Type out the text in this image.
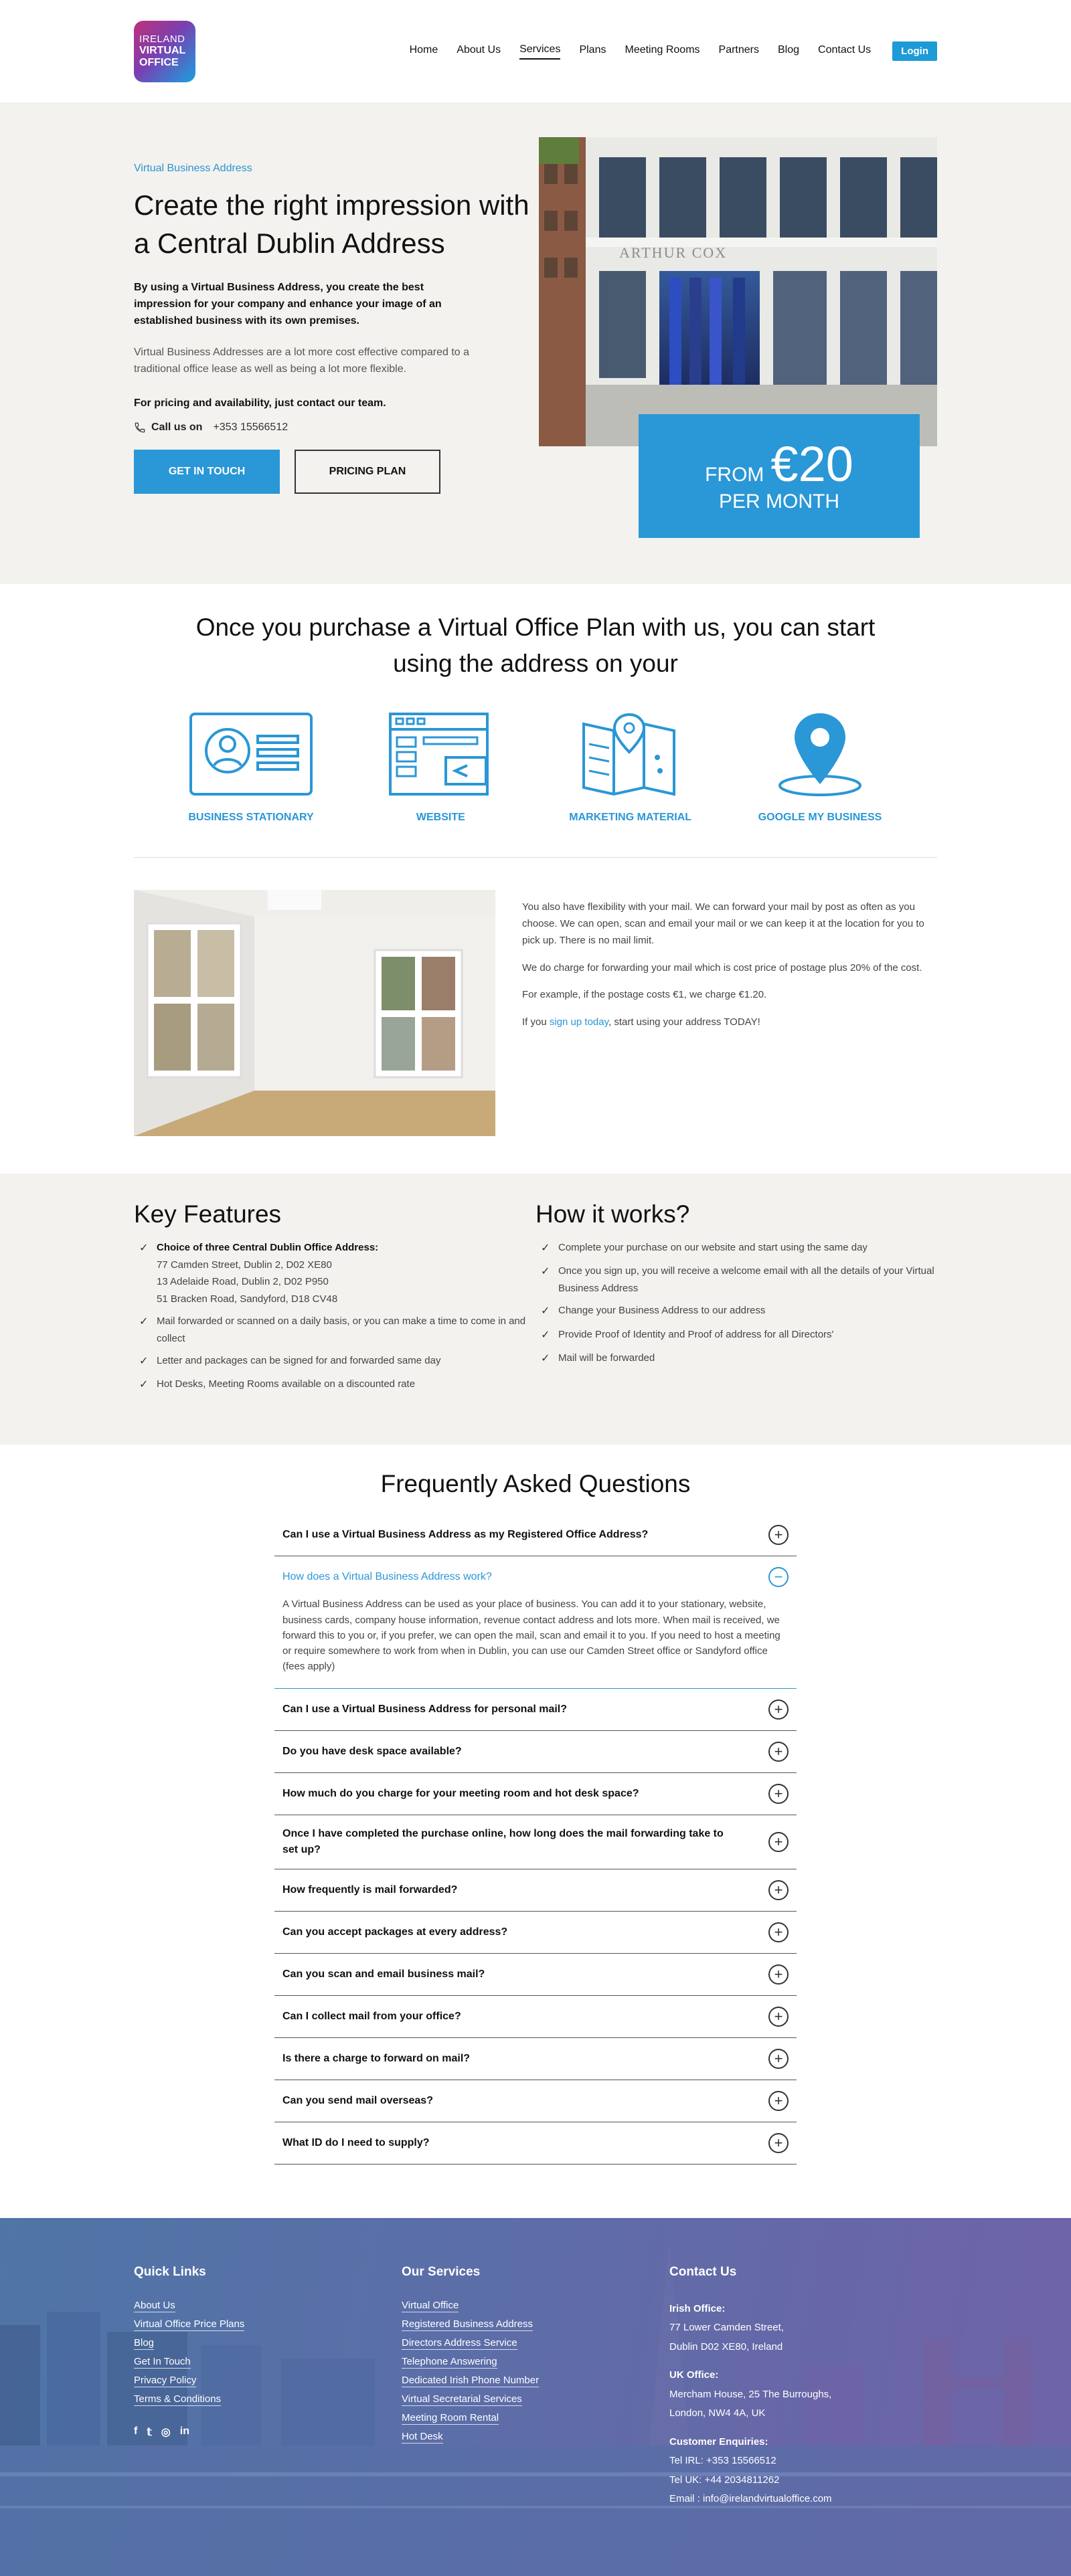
IRELAND
VIRTUAL
OFFICE
Home About Us Services Plans Meeting Rooms Partners Blog Contact Us	Login
Virtual Business Address
Create the right impression with a Central Dublin Address

By using a Virtual Business Address, you create the best impression for your company and enhance your image of an established business with its own premises.

Virtual Business Addresses are a lot more cost effective compared to a traditional office lease as well as being a lot more flexible.

For pricing and availability, just contact our team.

Call us on +353 15566512
GET IN TOUCH	PRICING PLAN
ARTHUR COX
FROM €20
PER MONTH
Once you purchase a Virtual Office Plan with us, you can start using the address on your
BUSINESS STATIONARY	WEBSITE	MARKETING MATERIAL	GOOGLE MY BUSINESS

You also have flexibility with your mail. We can forward your mail by post as often as you choose. We can open, scan and email your mail or we can keep it at the location for you to pick up. There is no mail limit.

We do charge for forwarding your mail which is cost price of postage plus 20% of the cost.

For example, if the postage costs €1, we charge €1.20.

If you sign up today, start using your address TODAY!

Key Features
✓ Choice of three Central Dublin Office Address:
77 Camden Street, Dublin 2, D02 XE80
13 Adelaide Road, Dublin 2, D02 P950
51 Bracken Road, Sandyford, D18 CV48
✓ Mail forwarded or scanned on a daily basis, or you can make a time to come in and collect
✓ Letter and packages can be signed for and forwarded same day
✓ Hot Desks, Meeting Rooms available on a discounted rate
How it works?
✓ Complete your purchase on our website and start using the same day
✓ Once you sign up, you will receive a welcome email with all the details of your Virtual Business Address
✓ Change your Business Address to our address
✓ Provide Proof of Identity and Proof of address for all Directors'
✓ Mail will be forwarded
Frequently Asked Questions
Can I use a Virtual Business Address as my Registered Office Address?	+
How does a Virtual Business Address work?	−

A Virtual Business Address can be used as your place of business. You can add it to your stationary, website, business cards, company house information, revenue contact address and lots more. When mail is received, we forward this to you or, if you prefer, we can open the mail, scan and email it to you. If you need to host a meeting or require somewhere to work from when in Dublin, you can use our Camden Street office or Sandyford office (fees apply)

Can I use a Virtual Business Address for personal mail?	+
Do you have desk space available?	+
How much do you charge for your meeting room and hot desk space?	+
Once I have completed the purchase online, how long does the mail forwarding take to set up?	+
How frequently is mail forwarded?	+
Can you accept packages at every address?	+
Can you scan and email business mail?	+
Can I collect mail from your office?	+
Is there a charge to forward on mail?	+
Can you send mail overseas?	+
What ID do I need to supply?	+
Quick Links
About Us
Virtual Office Price Plans
Blog
Get In Touch
Privacy Policy
Terms & Conditions
f 𝕥 ◎ in
Our Services
Virtual Office
Registered Business Address
Directors Address Service
Telephone Answering
Dedicated Irish Phone Number
Virtual Secretarial Services
Meeting Room Rental
Hot Desk
Contact Us

Irish Office:

77 Lower Camden Street,

Dublin D02 XE80, Ireland

UK Office:

Mercham House, 25 The Burroughs,

London, NW4 4A, UK

Customer Enquiries:

Tel IRL: +353 15566512

Tel UK: +44 2034811262

Email : info@irelandvirtualoffice.com
